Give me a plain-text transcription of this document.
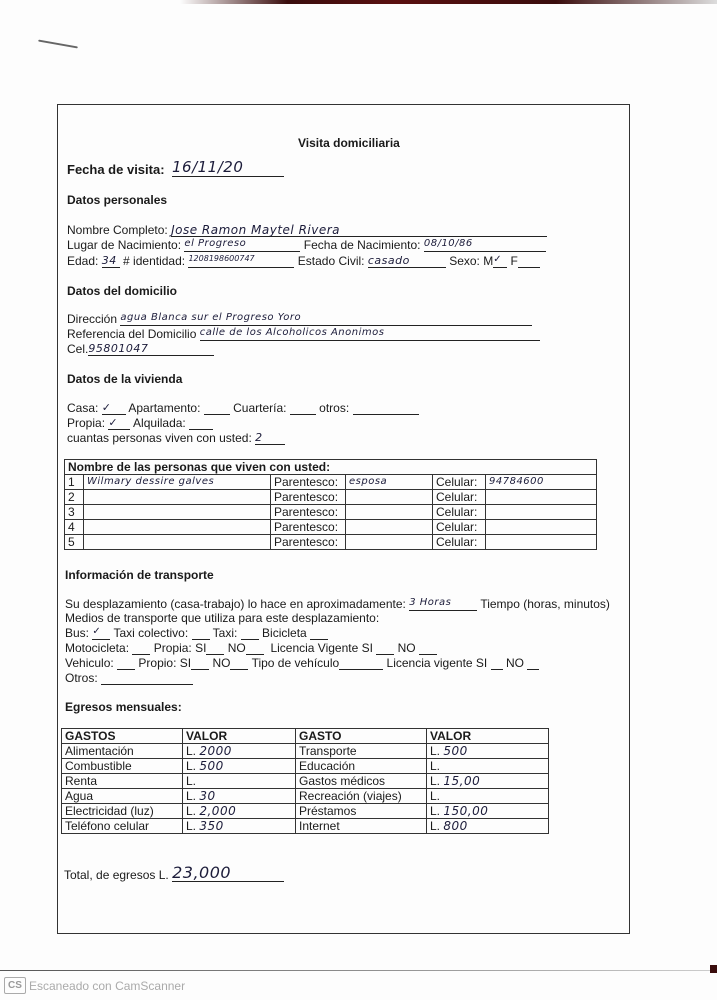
Visita domiciliaria
Fecha de visita: 16/11/20
Datos personales
Nombre Completo: Jose Ramon Maytel Rivera
Lugar de Nacimiento: el Progreso	Fecha de Nacimiento: 08/10/86
Edad: 34 # identidad: 1208198600747	Estado Civil: casado	Sexo: M✓ F
Datos del domicilio
Dirección agua Blanca sur el Progreso Yoro
Referencia del Domicilio calle de los Alcoholicos Anonimos
Cel.95801047
Datos de la vivienda
Casa: ✓ Apartamento:	Cuartería:	otros:
Propia: ✓ Alquilada:
cuantas personas viven con usted: 2
Nombre de las personas que viven con usted:					
1	Wilmary dessire galves	Parentesco:	esposa	Celular:	94784600
2		Parentesco:		Celular:	
3		Parentesco:		Celular:	
4		Parentesco:		Celular:	
5		Parentesco:		Celular:	
Información de transporte
Su desplazamiento (casa-trabajo) lo hace en aproximadamente: 3 Horas Tiempo (horas, minutos)
Medios de transporte que utiliza para este desplazamiento:
Bus: ✓ Taxi colectivo: Taxi: Bicicleta
Motocicleta: Propia: SI NO Licencia Vigente SI NO
Vehiculo: Propio: SI NO Tipo de vehículo	Licencia vigente SI NO
Otros:
Egresos mensuales:
GASTOS	VALOR	GASTO	VALOR
Alimentación	L. 2000	Transporte	L. 500
Combustible	L. 500	Educación	L.
Renta	L.	Gastos médicos	L. 15,00
Agua	L. 30	Recreación (viajes)	L.
Electricidad (luz)	L. 2,000	Préstamos	L. 150,00
Teléfono celular	L. 350	Internet	L. 800
Total, de egresos L. 23,000
CS Escaneado con CamScanner
